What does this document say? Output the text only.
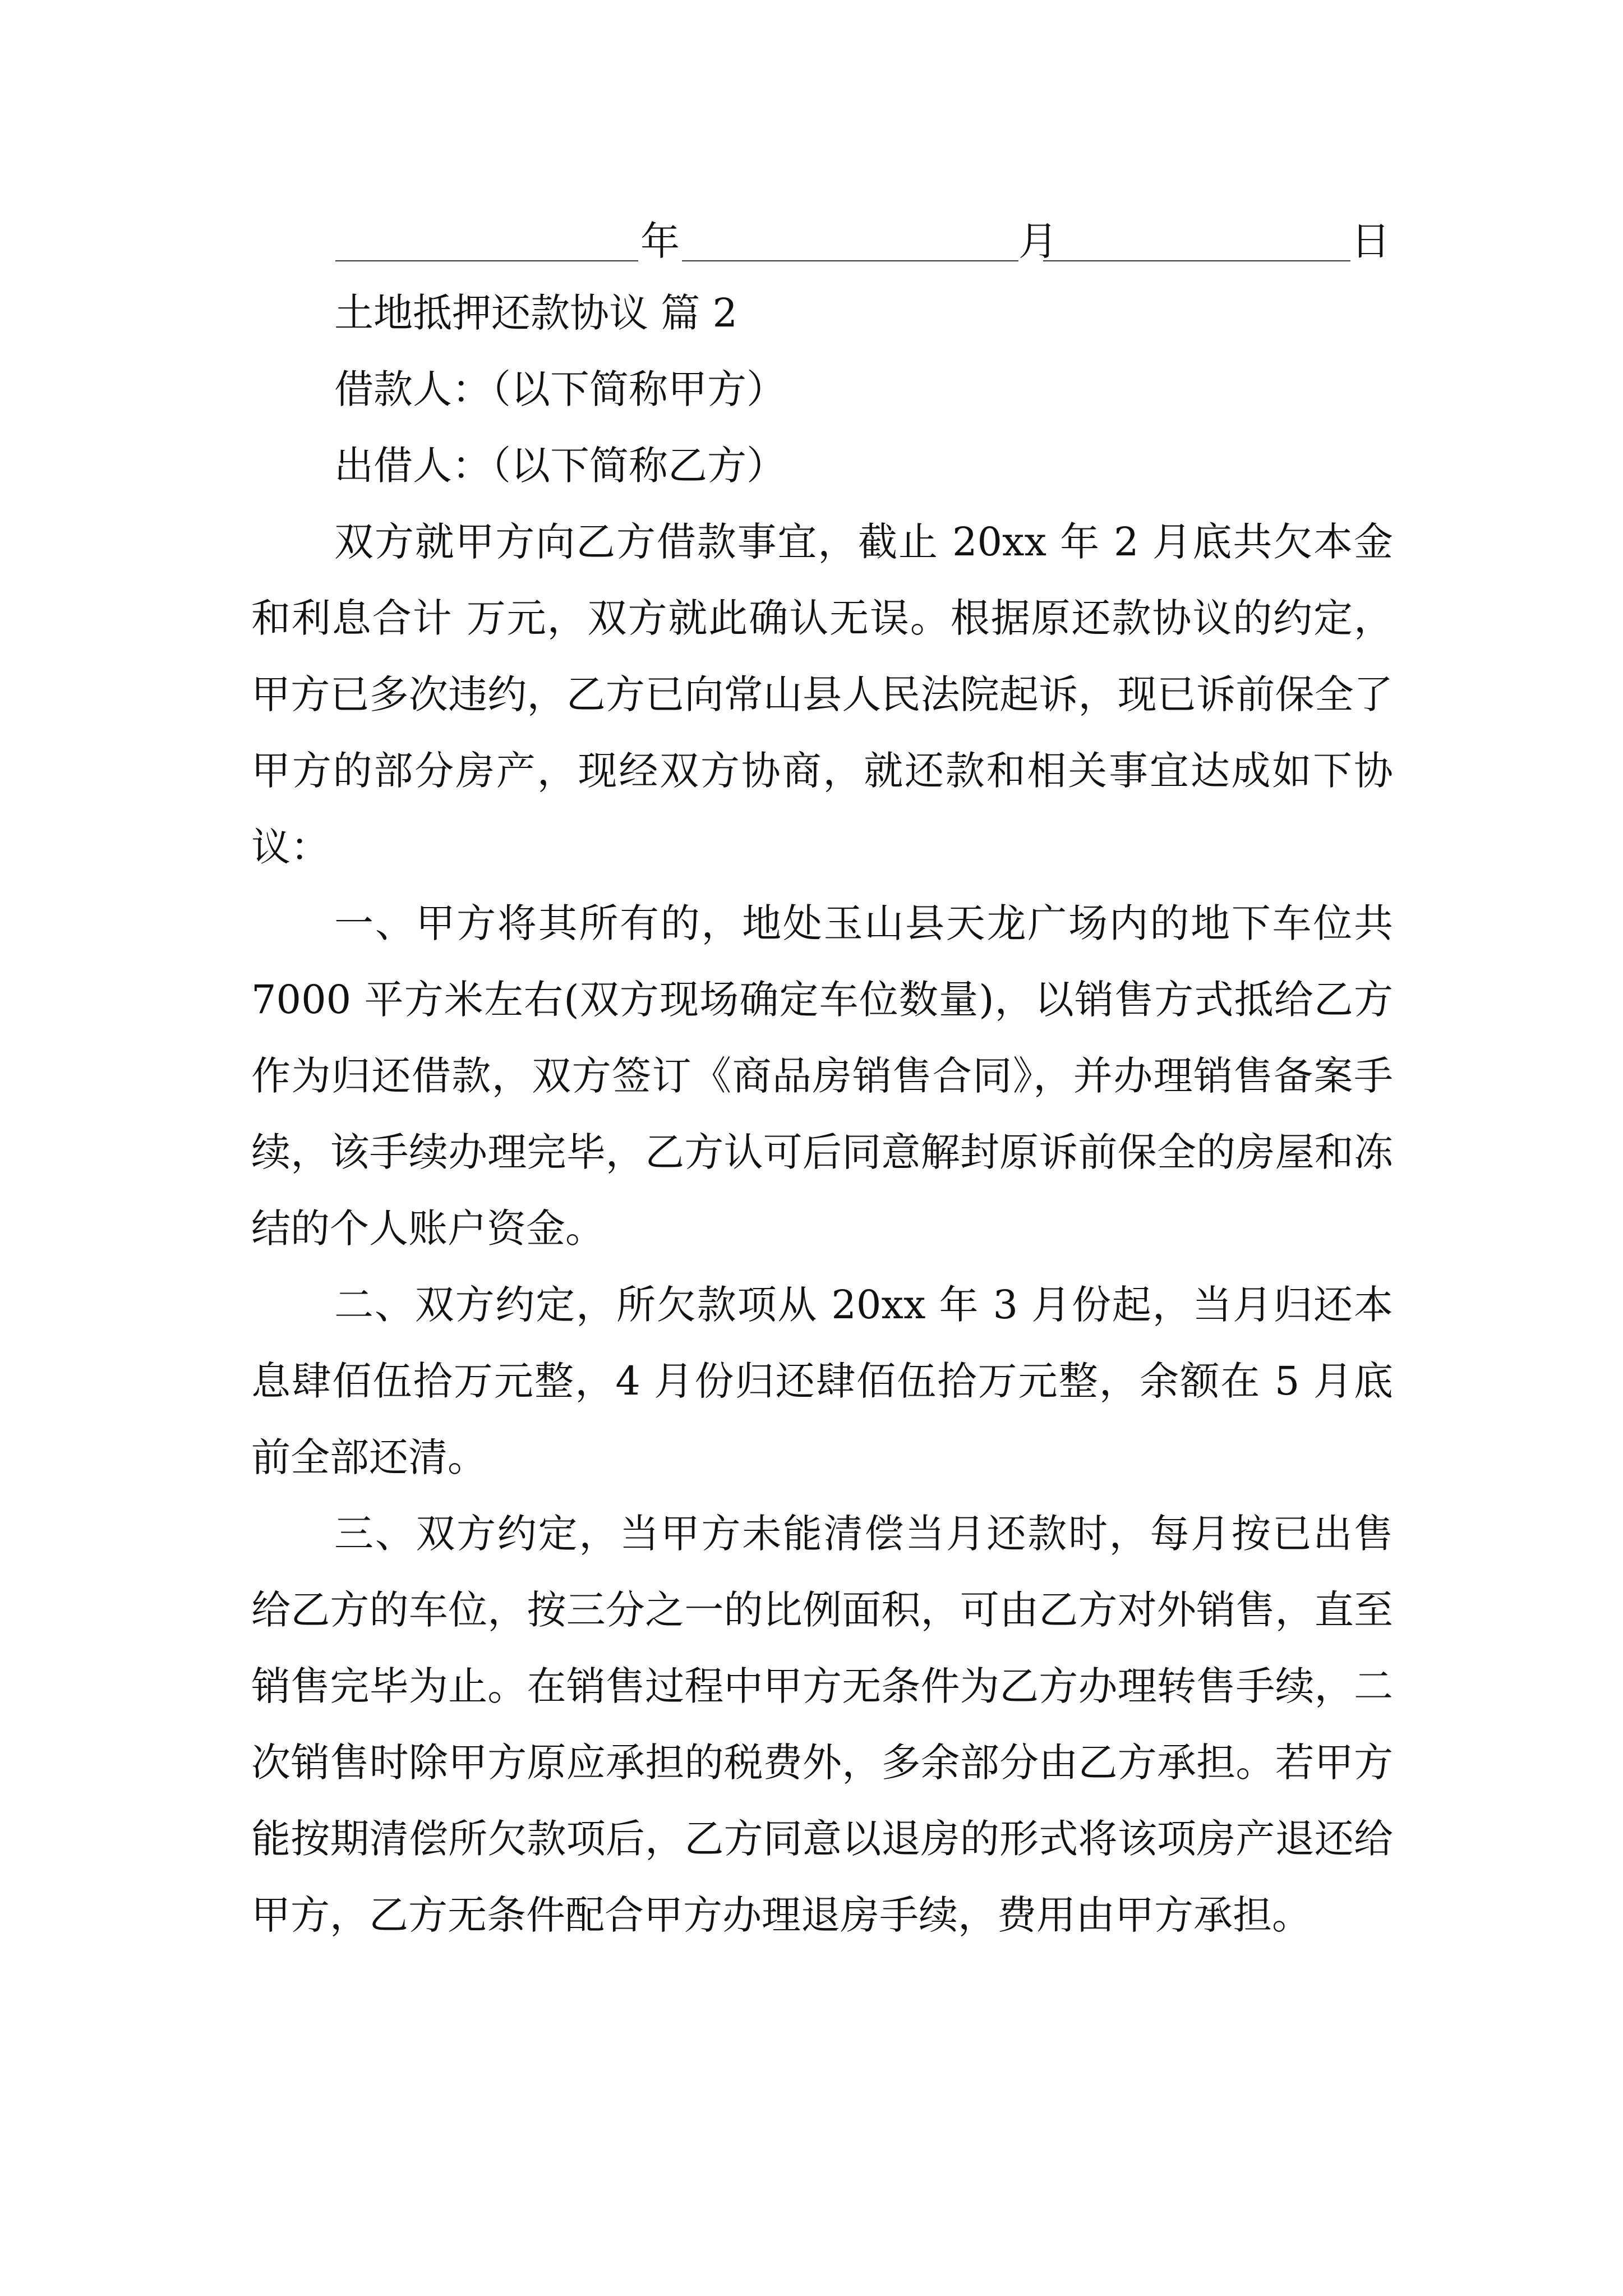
年	月	日
土地抵押还款协议 篇 2
借款人：（以下简称甲方）
出借人：（以下简称乙方）

双方就甲方向乙方借款事宜，截止 20xx 年 2 月底共欠本金和利息合计 万元，双方就此确认无误。根据原还款协议的约定，甲方已多次违约，乙方已向常山县人民法院起诉，现已诉前保全了甲方的部分房产，现经双方协商，就还款和相关事宜达成如下协议：

一、甲方将其所有的，地处玉山县天龙广场内的地下车位共 7000 平方米左右(双方现场确定车位数量)，以销售方式抵给乙方作为归还借款，双方签订《商品房销售合同》，并办理销售备案手续，该手续办理完毕，乙方认可后同意解封原诉前保全的房屋和冻结的个人账户资金。

二、双方约定，所欠款项从 20xx 年 3 月份起，当月归还本息肆佰伍拾万元整，4 月份归还肆佰伍拾万元整，余额在 5 月底前全部还清。

三、双方约定，当甲方未能清偿当月还款时，每月按已出售给乙方的车位，按三分之一的比例面积，可由乙方对外销售，直至销售完毕为止。在销售过程中甲方无条件为乙方办理转售手续，二次销售时除甲方原应承担的税费外，多余部分由乙方承担。若甲方能按期清偿所欠款项后，乙方同意以退房的形式将该项房产退还给甲方，乙方无条件配合甲方办理退房手续，费用由甲方承担。
